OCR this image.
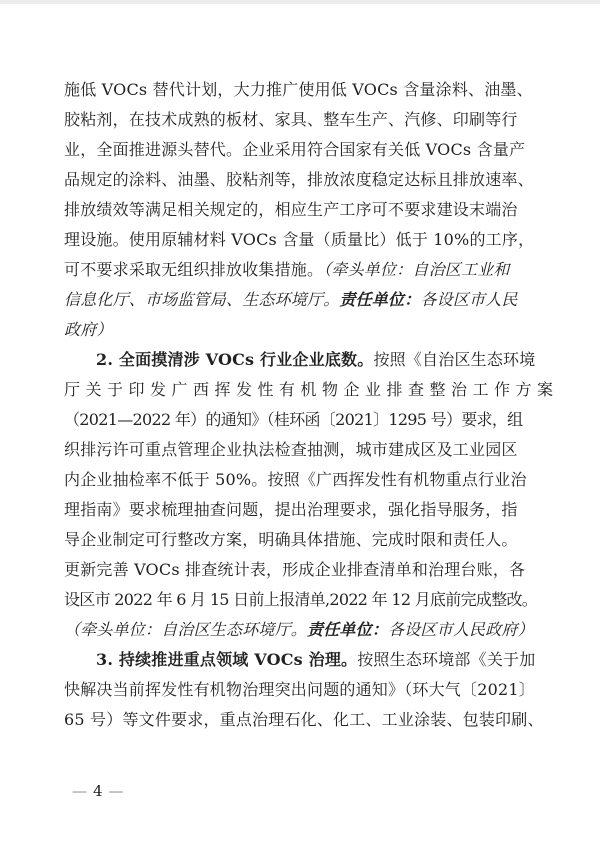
施低 VOCs 替代计划，大力推广使用低 VOCs 含量涂料、油墨、
胶粘剂，在技术成熟的板材、家具、整车生产、汽修、印刷等行
业，全面推进源头替代。企业采用符合国家有关低 VOCs 含量产
品规定的涂料、油墨、胶粘剂等，排放浓度稳定达标且排放速率、
排放绩效等满足相关规定的，相应生产工序可不要求建设末端治
理设施。使用原辅材料 VOCs 含量（质量比）低于 10%的工序，
可不要求采取无组织排放收集措施。（牵头单位：自治区工业和
信息化厅、市场监管局、生态环境厅。责任单位：各设区市人民
政府）
2. 全面摸清涉 VOCs 行业企业底数。按照《自治区生态环境
厅关于印发广西挥发性有机物企业排查整治工作方案
（2021—2022 年）的通知》（桂环函〔2021〕1295 号）要求，组
织排污许可重点管理企业执法检查抽测，城市建成区及工业园区
内企业抽检率不低于 50%。按照《广西挥发性有机物重点行业治
理指南》要求梳理抽查问题，提出治理要求，强化指导服务，指
导企业制定可行整改方案，明确具体措施、完成时限和责任人。
更新完善 VOCs 排查统计表，形成企业排查清单和治理台账，各
设区市 2022 年 6 月 15 日前上报清单,2022 年 12 月底前完成整改。
（牵头单位：自治区生态环境厅。责任单位：各设区市人民政府）
3. 持续推进重点领域 VOCs 治理。按照生态环境部《关于加
快解决当前挥发性有机物治理突出问题的通知》（环大气〔2021〕
65 号）等文件要求，重点治理石化、化工、工业涂装、包装印刷、
— 4 —
